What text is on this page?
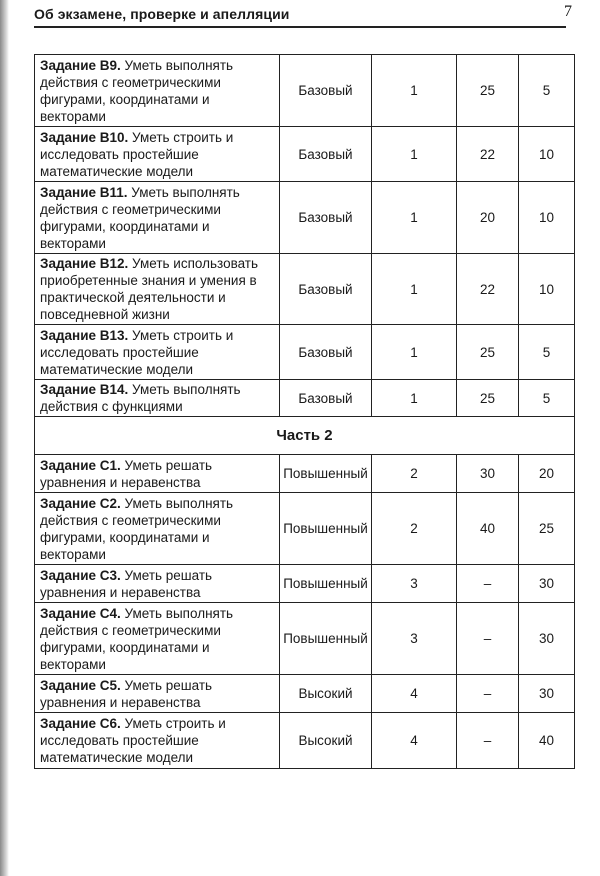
Об экзамене, проверке и апелляции	7
Задание В9. Уметь выполнять действия с геометрическими фигурами, координатами и векторами	Базовый	1	25	5
Задание В10. Уметь строить и исследовать простейшие математические модели	Базовый	1	22	10
Задание В11. Уметь выполнять действия с геометрическими фигурами, координатами и векторами	Базовый	1	20	10
Задание В12. Уметь использовать приобретенные знания и умения в практической деятельности и повседневной жизни	Базовый	1	22	10
Задание В13. Уметь строить и исследовать простейшие математические модели	Базовый	1	25	5
Задание В14. Уметь выполнять действия с функциями	Базовый	1	25	5
Часть 2				
Задание С1. Уметь решать уравнения и неравенства	Повышенный	2	30	20
Задание С2. Уметь выполнять действия с геометрическими фигурами, координатами и векторами	Повышенный	2	40	25
Задание С3. Уметь решать уравнения и неравенства	Повышенный	3	–	30
Задание С4. Уметь выполнять действия с геометрическими фигурами, координатами и векторами	Повышенный	3	–	30
Задание С5. Уметь решать уравнения и неравенства	Высокий	4	–	30
Задание С6. Уметь строить и исследовать простейшие математические модели	Высокий	4	–	40
